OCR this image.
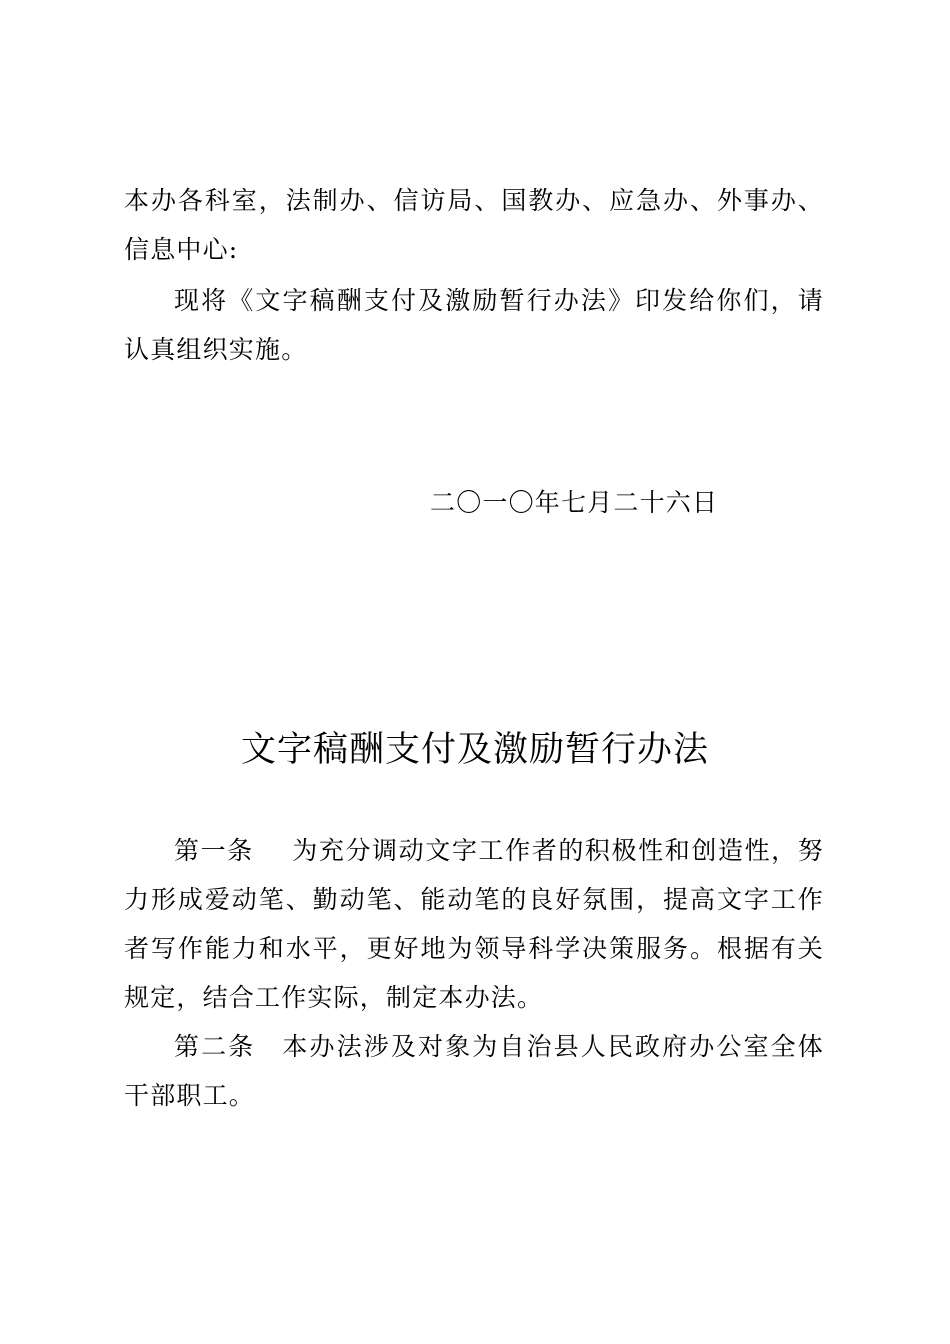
本办各科室，法制办、信访局、国教办、应急办、外事办、信息中心:

现将《文字稿酬支付及激励暂行办法》印发给你们，请认真组织实施。

二〇一〇年七月二十六日

文字稿酬支付及激励暂行办法

第一条 为充分调动文字工作者的积极性和创造性，努力形成爱动笔、勤动笔、能动笔的良好氛围，提高文字工作者写作能力和水平，更好地为领导科学决策服务。根据有关规定，结合工作实际，制定本办法。

第二条 本办法涉及对象为自治县人民政府办公室全体干部职工。
